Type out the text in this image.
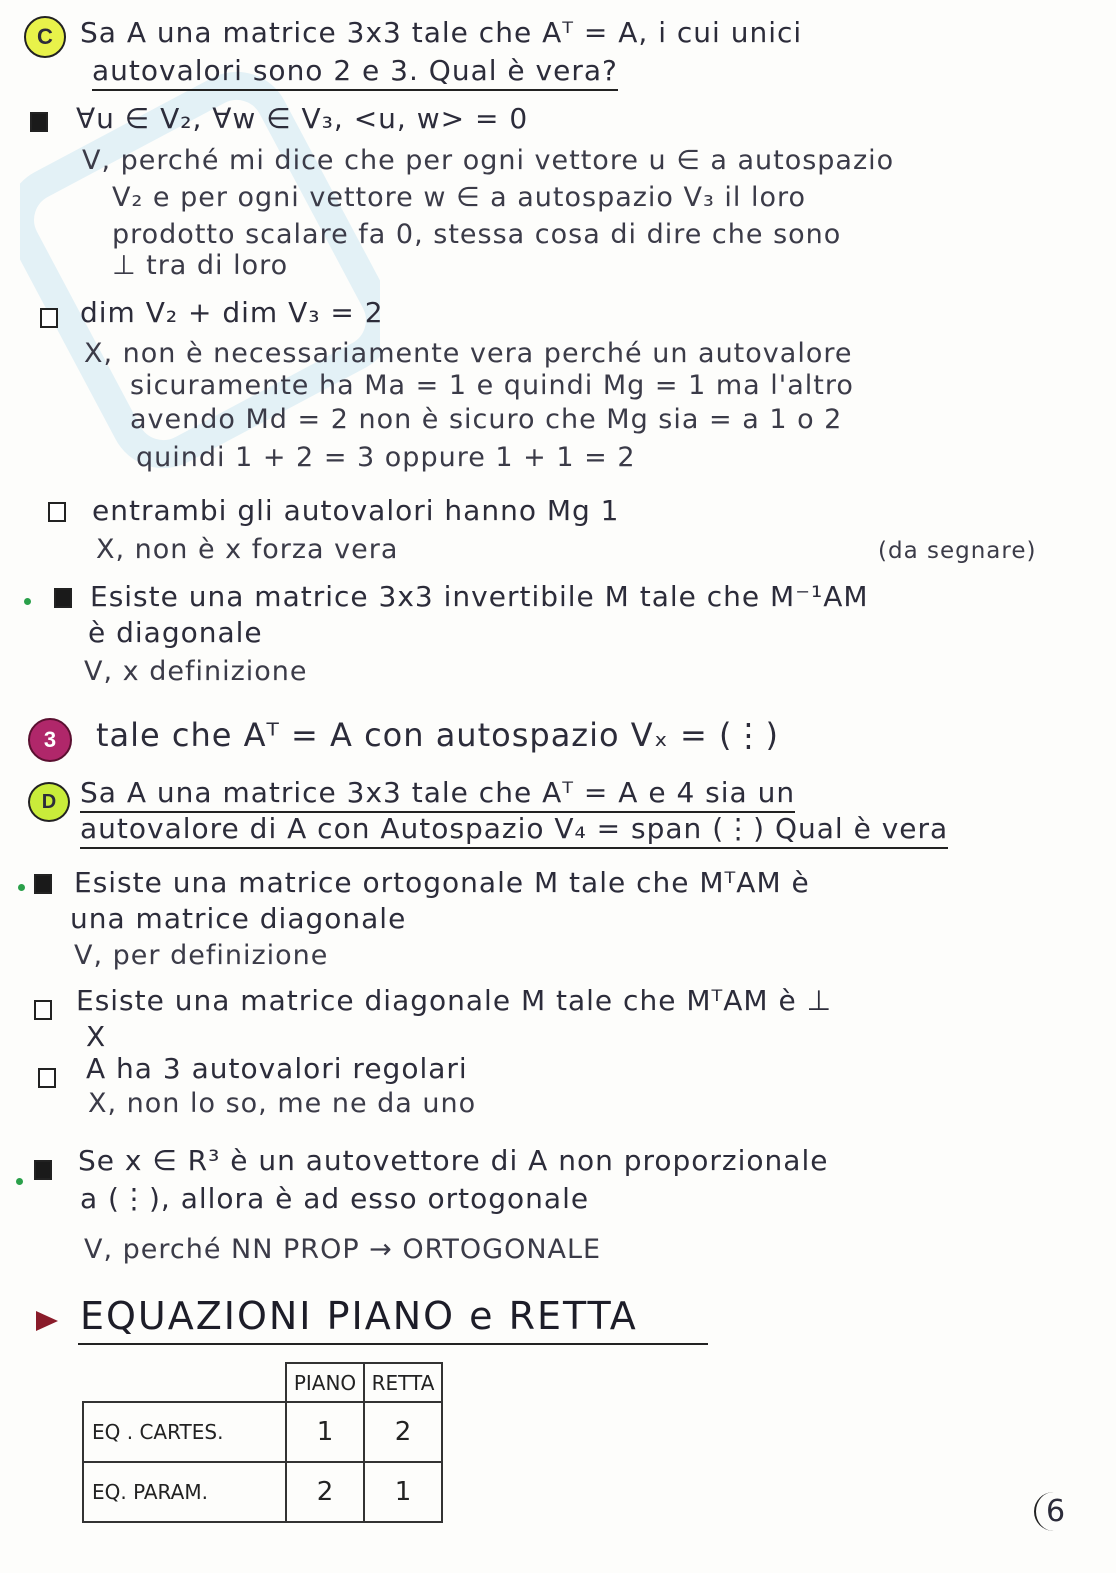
C Sa A una matrice 3x3 tale che Aᵀ = A, i cui unici
autovalori sono 2 e 3. Qual è vera?
∀u ∈ V₂, ∀w ∈ V₃, <u, w> = 0
V, perché mi dice che per ogni vettore u ∈ a autospazio
V₂ e per ogni vettore w ∈ a autospazio V₃ il loro
prodotto scalare fa 0, stessa cosa di dire che sono
⊥ tra di loro
dim V₂ + dim V₃ = 2
X, non è necessariamente vera perché un autovalore
sicuramente ha Ma = 1 e quindi Mg = 1 ma l'altro
avendo Md = 2 non è sicuro che Mg sia = a 1 o 2
quindi 1 + 2 = 3 oppure 1 + 1 = 2
entrambi gli autovalori hanno Mg 1
X, non è x forza vera	(da segnare)
Esiste una matrice 3x3 invertibile M tale che M⁻¹AM
è diagonale
V, x definizione
3 tale che Aᵀ = A con autospazio Vₓ = (⋮)
D Sa A una matrice 3x3 tale che Aᵀ = A e 4 sia un
autovalore di A con Autospazio V₄ = span (⋮) Qual è vera
Esiste una matrice ortogonale M tale che MᵀAM è
una matrice diagonale
V, per definizione
Esiste una matrice diagonale M tale che MᵀAM è ⊥
X
A ha 3 autovalori regolari
X, non lo so, me ne da uno
Se x ∈ R³ è un autovettore di A non proporzionale
a (⋮), allora è ad esso ortogonale
V, perché NN PROP → ORTOGONALE
EQUAZIONI PIANO e RETTA
	PIANO	RETTA
EQ . CARTES.	1	2
EQ. PARAM.	2	1
6
